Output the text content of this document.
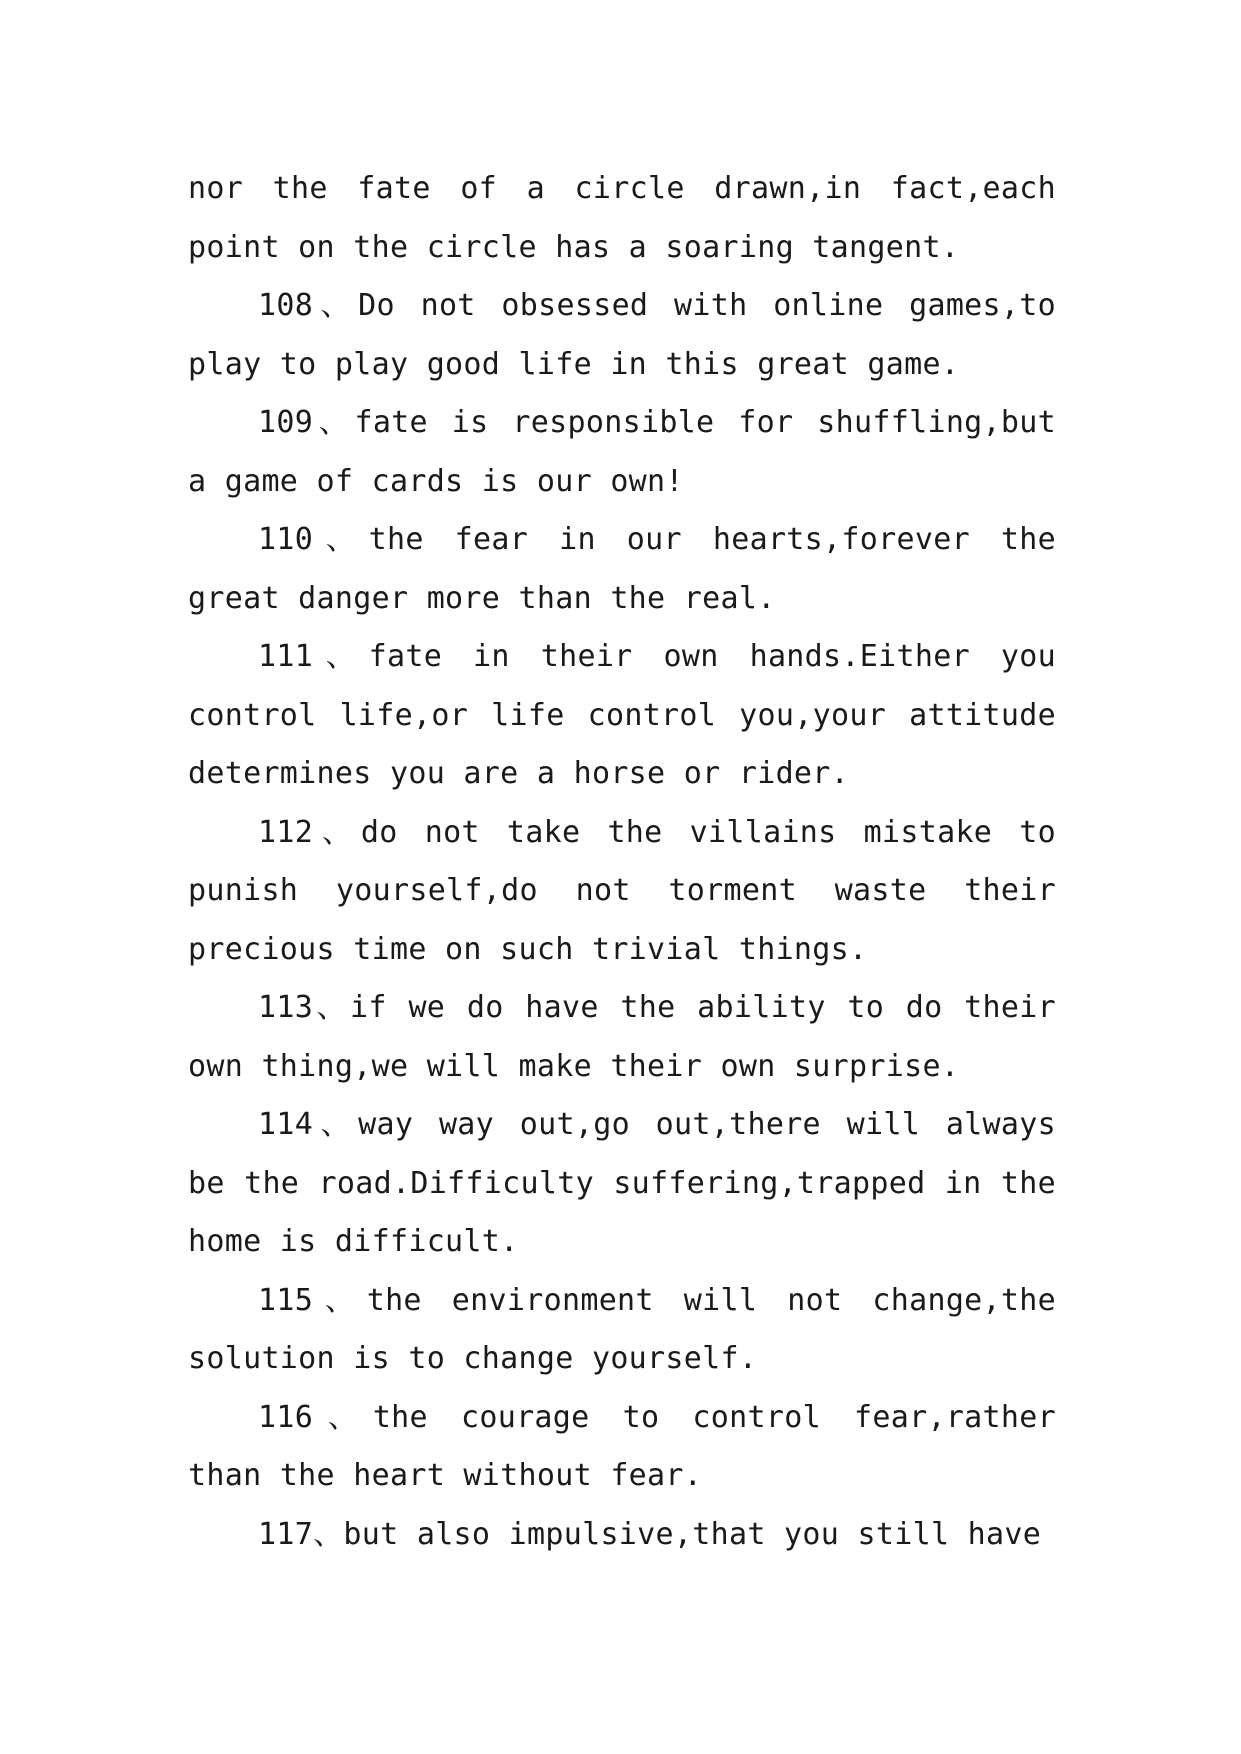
nor the fate of a circle drawn,in fact,each point on the circle has a soaring tangent.

108、Do not obsessed with online games,to play to play good life in this great game.

109、fate is responsible for shuffling,but a game of cards is our own!

110、the fear in our hearts,forever the great danger more than the real.

111、fate in their own hands.Either you control life,or life control you,your attitude determines you are a horse or rider.

112、do not take the villains mistake to punish yourself,do not torment waste their precious time on such trivial things.

113、if we do have the ability to do their own thing,we will make their own surprise.

114、way way out,go out,there will always be the road.Difficulty suffering,trapped in the home is difficult.

115、the environment will not change,the solution is to change yourself.

116、the courage to control fear,rather than the heart without fear.

117、but also impulsive,that you still have
